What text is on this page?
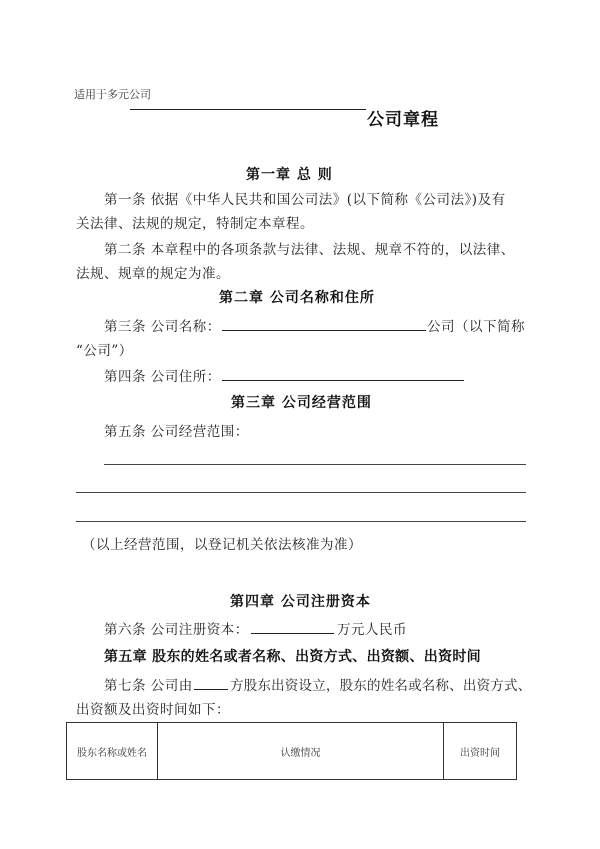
适用于多元公司
公司章程
第一章 总 则
第一条 依据《中华人民共和国公司法》(以下简称《公司法》)及有
关法律、法规的规定，特制定本章程。
第二条 本章程中的各项条款与法律、法规、规章不符的，以法律、
法规、规章的规定为准。
第二章 公司名称和住所
第三条 公司名称：	公司（以下简称
“公司”）
第四条 公司住所：
第三章 公司经营范围
第五条 公司经营范围：
（以上经营范围，以登记机关依法核准为准）
第四章 公司注册资本
第六条 公司注册资本：	万元人民币
第五章 股东的姓名或者名称、出资方式、出资额、出资时间
第七条 公司由	方股东出资设立，股东的姓名或名称、出资方式、
出资额及出资时间如下：
股东名称或姓名	认缴情况	出资时间
